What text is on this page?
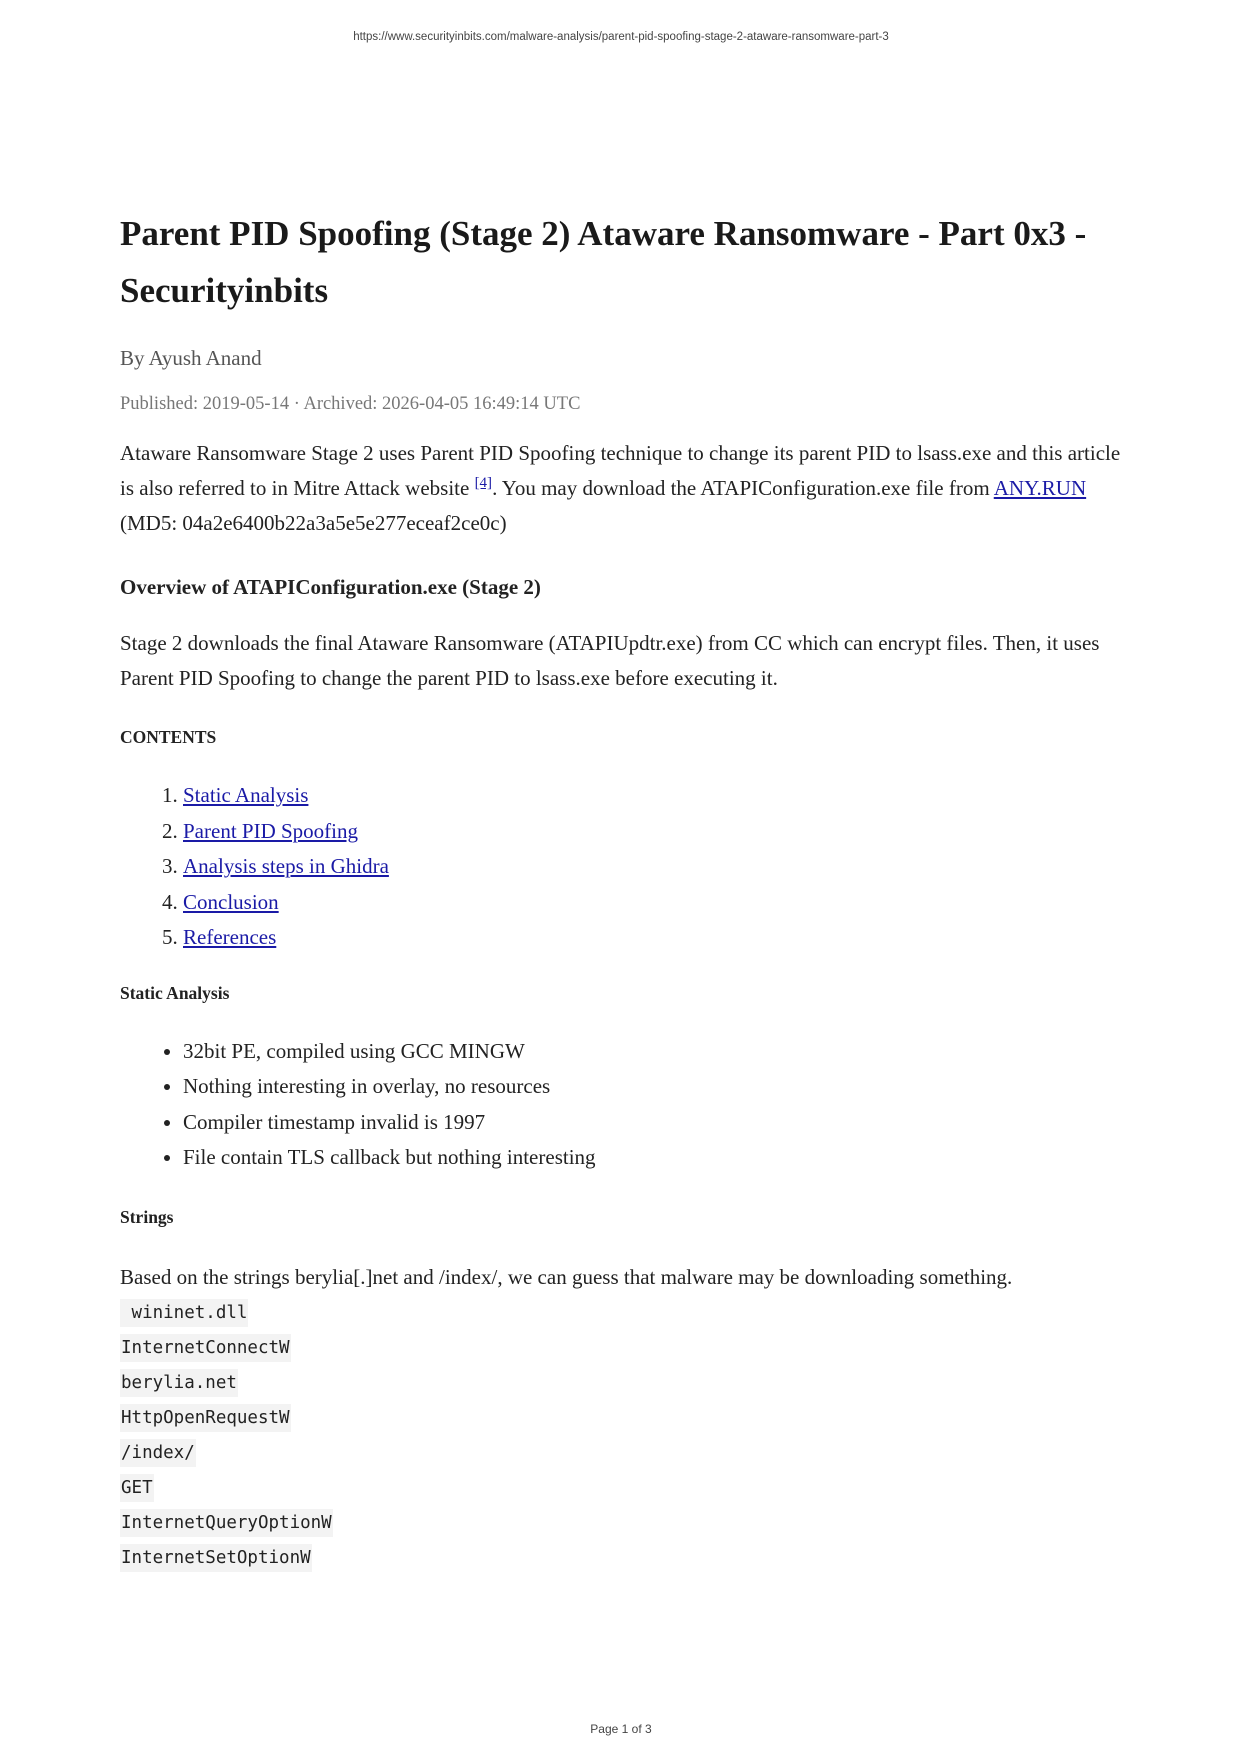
https://www.securityinbits.com/malware-analysis/parent-pid-spoofing-stage-2-ataware-ransomware-part-3
Parent PID Spoofing (Stage 2) Ataware Ransomware - Part 0x3 - Securityinbits
By Ayush Anand
Published: 2019-05-14 · Archived: 2026-04-05 16:49:14 UTC

Ataware Ransomware Stage 2 uses Parent PID Spoofing technique to change its parent PID to lsass.exe and this article is also referred to in Mitre Attack website [4]. You may download the ATAPIConfiguration.exe file from ANY.RUN (MD5: 04a2e6400b22a3a5e5e277eceaf2ce0c)

Overview of ATAPIConfiguration.exe (Stage 2)

Stage 2 downloads the final Ataware Ransomware (ATAPIUpdtr.exe) from CC which can encrypt files. Then, it uses Parent PID Spoofing to change the parent PID to lsass.exe before executing it.

CONTENTS
1. Static Analysis
2. Parent PID Spoofing
3. Analysis steps in Ghidra
4. Conclusion
5. References
Static Analysis
• 32bit PE, compiled using GCC MINGW
• Nothing interesting in overlay, no resources
• Compiler timestamp invalid is 1997
• File contain TLS callback but nothing interesting
Strings

Based on the strings berylia[.]net and /index/, we can guess that malware may be downloading something.

wininet.dll
InternetConnectW
berylia.net
HttpOpenRequestW
/index/
GET
InternetQueryOptionW
InternetSetOptionW
Page 1 of 3
